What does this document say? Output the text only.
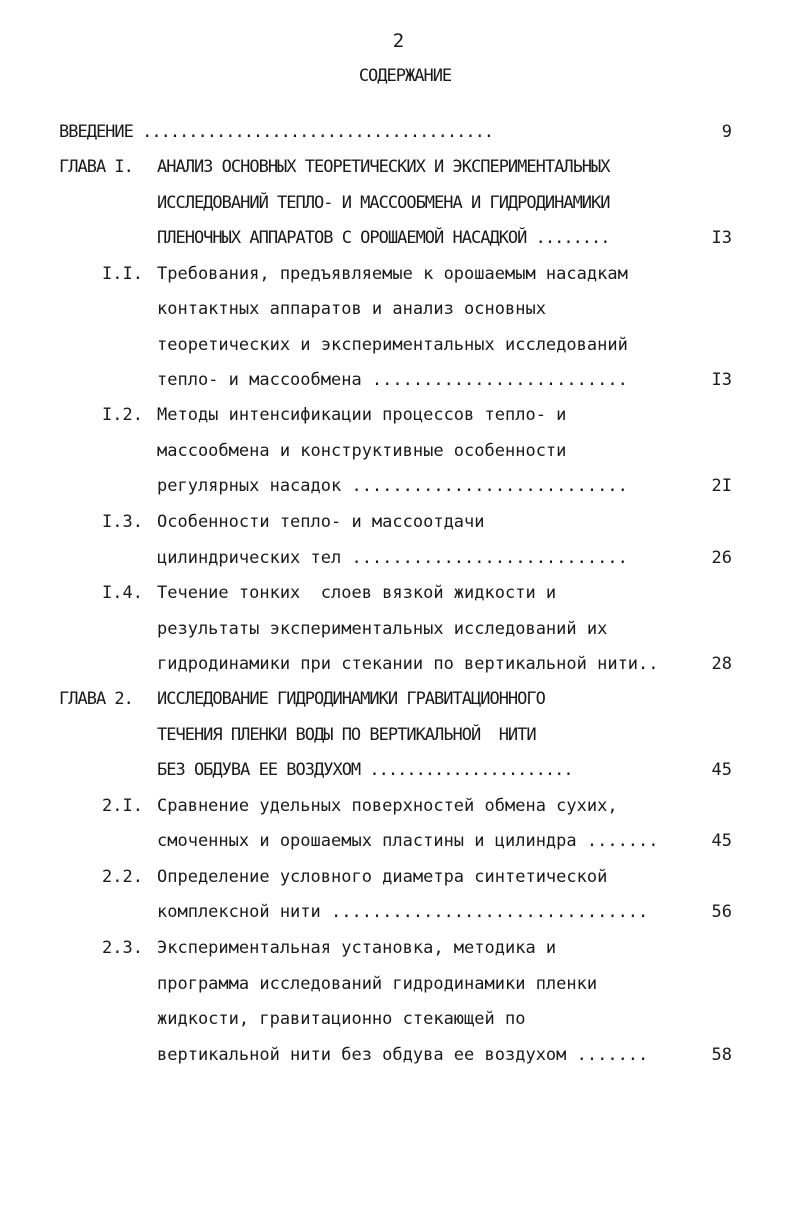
2
СОДЕРЖАНИЕ
ВВЕДЕНИЕ ......................................	9
ГЛАВА I. АНАЛИЗ ОСНОВНЫХ ТЕОРЕТИЧЕСКИХ И ЭКСПЕРИМЕНТАЛЬНЫХ
ИССЛЕДОВАНИЙ ТЕПЛО- И МАССООБМЕНА И ГИДРОДИНАМИКИ
ПЛЕНОЧНЫХ АППАРАТОВ С ОРОШАЕМОЙ НАСАДКОЙ ........	I3
I.I. Требования, предъявляемые к орошаемым насадкам
контактных аппаратов и анализ основных
теоретических и экспериментальных исследований
тепло- и массообмена .........................	I3
I.2. Методы интенсификации процессов тепло- и
массообмена и конструктивные особенности
регулярных насадок ...........................	2I
I.3. Особенности тепло- и массоотдачи
цилиндрических тел ...........................	26
I.4. Течение тонких  слоев вязкой жидкости и
результаты экспериментальных исследований их
гидродинамики при стекании по вертикальной нити..	28
ГЛАВА 2. ИССЛЕДОВАНИЕ ГИДРОДИНАМИКИ ГРАВИТАЦИОННОГО
ТЕЧЕНИЯ ПЛЕНКИ ВОДЫ ПО ВЕРТИКАЛЬНОЙ  НИТИ
БЕЗ ОБДУВА ЕЕ ВОЗДУХОМ ......................	45
2.I. Сравнение удельных поверхностей обмена сухих,
смоченных и орошаемых пластины и цилиндра .......	45
2.2. Определение условного диаметра синтетической
комплексной нити ...............................	56
2.3. Экспериментальная установка, методика и
программа исследований гидродинамики пленки
жидкости, гравитационно стекающей по
вертикальной нити без обдува ее воздухом .......	58
